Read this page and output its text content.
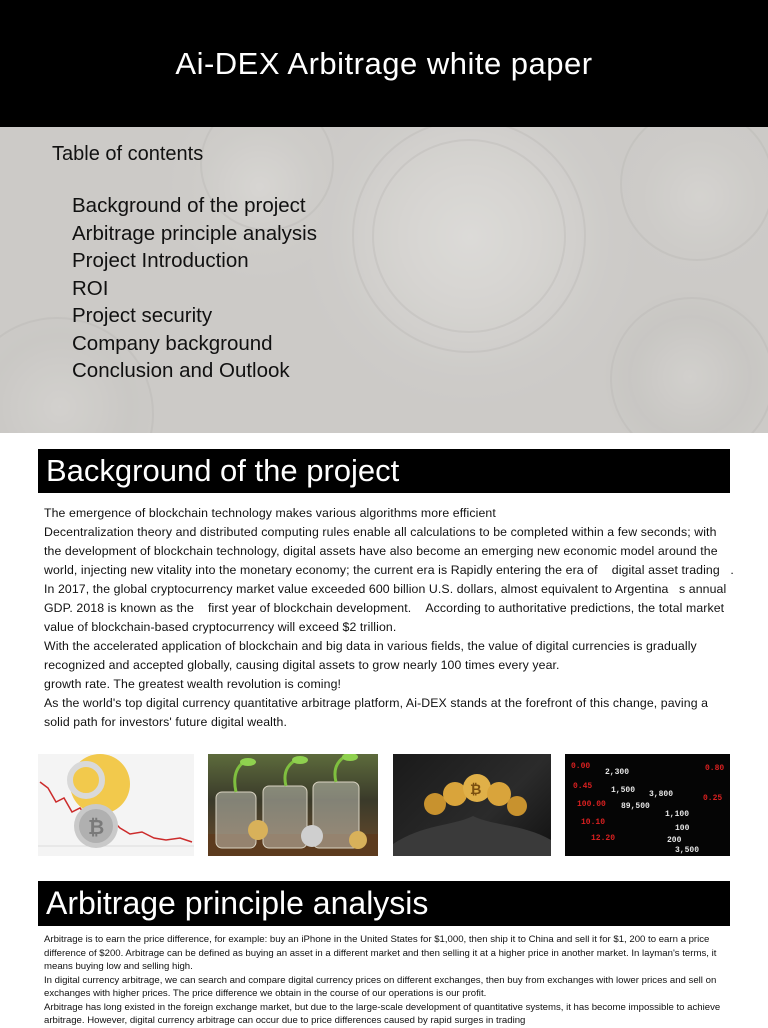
Ai-DEX Arbitrage white paper

Table of contents

Background of the project
Arbitrage principle analysis
Project Introduction
ROI
Project security
Company background
Conclusion and Outlook
Background of the project

The emergence of blockchain technology makes various algorithms more efficient

Decentralization theory and distributed computing rules enable all calculations to be completed within a few seconds; with the development of blockchain technology, digital assets have also become an emerging new economic model around the world, injecting new vitality into the monetary economy; the current era is Rapidly entering the era of    digital asset trading   .

In 2017, the global cryptocurrency market value exceeded 600 billion U.S. dollars, almost equivalent to Argentina   s annual GDP. 2018 is known as the    first year of blockchain development.    According to authoritative predictions, the total market value of blockchain-based cryptocurrency will exceed $2 trillion.

With the accelerated application of blockchain and big data in various fields, the value of digital currencies is gradually recognized and accepted globally, causing digital assets to grow nearly 100 times every year.

growth rate. The greatest wealth revolution is coming!

As the world's top digital currency quantitative arbitrage platform, Ai-DEX stands at the forefront of this change, paving a solid path for investors' future digital wealth.

₿
₿
0.00
2,300
0.45 1,500 3,800
100.00 89,500
1,100
10.10
100
12.20	200
3,500
0.80
0.25
Arbitrage principle analysis

Arbitrage is to earn the price difference, for example: buy an iPhone in the United States for $1,000, then ship it to China and sell it for $1, 200 to earn a price difference of $200. Arbitrage can be defined as buying an asset in a different market and then selling it at a higher price in another market. In layman's terms, it means buying low and selling high.

In digital currency arbitrage, we can search and compare digital currency prices on different exchanges, then buy from exchanges with lower prices and sell on exchanges with higher prices. The price difference we obtain in the course of our operations is our profit.

Arbitrage has long existed in the foreign exchange market, but due to the large-scale development of quantitative systems, it has become impossible to achieve arbitrage. However, digital currency arbitrage can occur due to price differences caused by rapid surges in trading
